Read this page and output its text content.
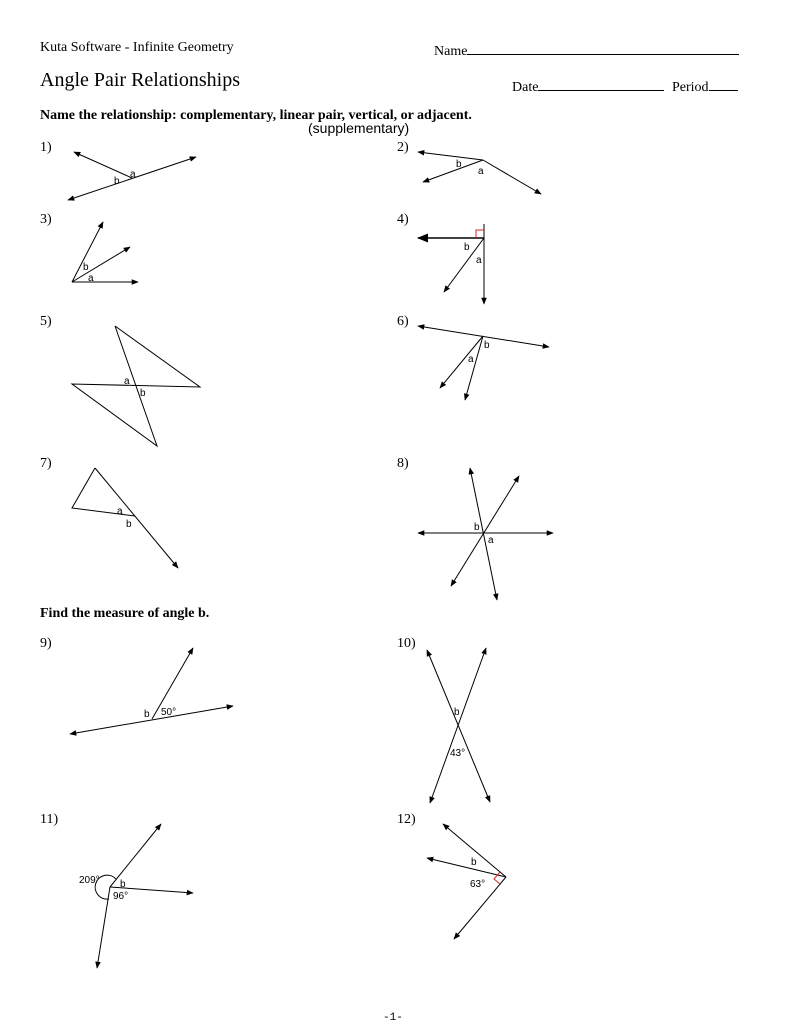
Kuta Software - Infinite Geometry	Name
Angle Pair Relationships	Date	Period
Name the relationship: complementary, linear pair, vertical, or adjacent.
(supplementary)
1)	2)
3)	4)
5)	6)
7)	8)
Find the measure of angle b.
9)	10)
11)	12)
a
b
b
a
b
a
b
a
a
b
b
a
a
b	b
a
b 50°	b
43°
209° b
96°
b
63°
-1-
